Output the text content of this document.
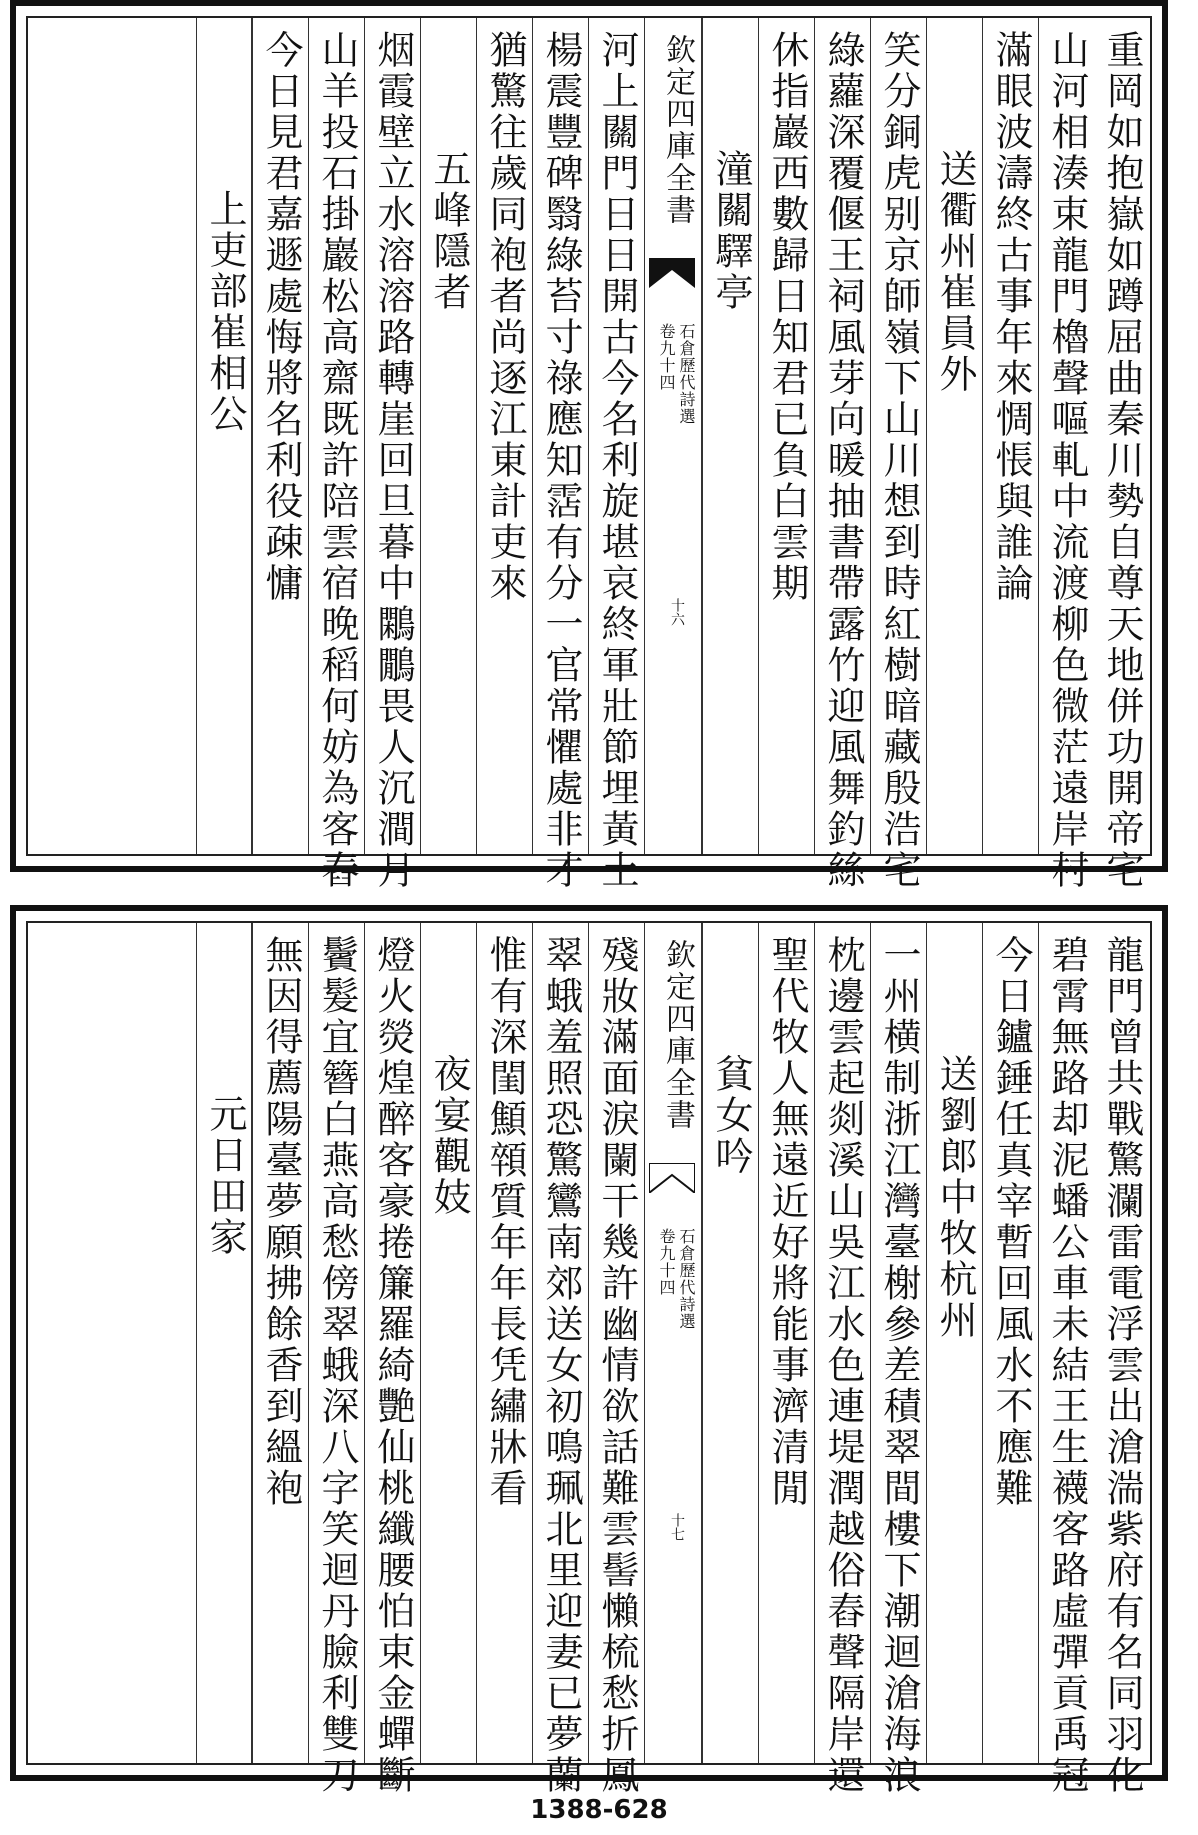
重岡如抱嶽如蹲屈曲秦川勢自尊天地併功開帝宅
山河相湊束龍門櫓聲嘔軋中流渡柳色微茫遠岸村
滿眼波濤終古事年來惆悵與誰論
　送衢州崔員外
笑分銅虎别京師嶺下山川想到時紅樹暗藏殷浩宅
綠蘿深覆偃王祠風芽向暖抽書帶露竹迎風舞釣絲
休指巖西數歸日知君已負白雲期
　潼關驛亭
欽定四庫全書
石倉歷代詩選
卷九十四
十六
河上關門日日開古今名利旋堪哀終軍壯節埋黃土
楊震豐碑翳綠苔寸祿應知霑有分一官常懼處非才
猶驚往歲同袍者尚逐江東計吏來
　五峰隱者
烟霞壁立水溶溶路轉崖回旦暮中鷴鷳畏人沉澗月
山羊投石掛巖松高齋既許陪雲宿晚稻何妨為客舂
今日見君嘉遯處悔將名利役疎慵
　上吏部崔相公
龍門曾共戰驚瀾雷電浮雲出滄湍紫府有名同羽化
碧霄無路却泥蟠公車未結王生襪客路虛彈貢禹冠
今日鑪錘任真宰暫回風水不應難
　送劉郎中牧杭州
一州横制浙江灣臺榭參差積翠間樓下潮迴滄海浪
枕邊雲起剡溪山吳江水色連堤潤越俗舂聲隔岸還
聖代牧人無遠近好將能事濟清閒
　貧女吟
欽定四庫全書
石倉歷代詩選
卷九十四
十七
殘妝滿面淚闌干幾許幽情欲話難雲髻懶梳愁折鳳
翠蛾羞照恐驚鸞南郊送女初鳴珮北里迎妻已夢蘭
惟有深閨顦顇質年年長凭繡牀看
　夜宴觀妓
燈火熒煌醉客豪捲簾羅綺艷仙桃纖腰怕束金蟬斷
鬢髮宜簪白燕高愁傍翠蛾深八字笑迴丹臉利雙刀
無因得薦陽臺夢願拂餘香到縕袍
　元日田家
1388-628
